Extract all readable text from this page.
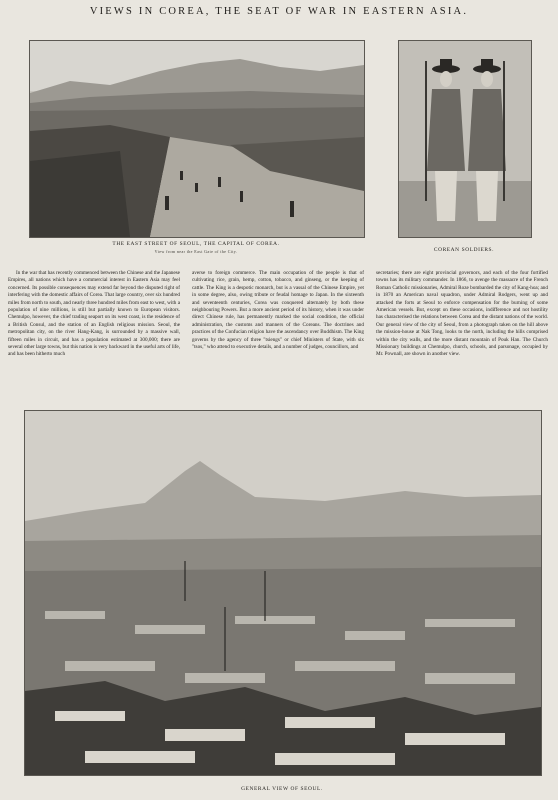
VIEWS IN COREA, THE SEAT OF WAR IN EASTERN ASIA.
THE EAST STREET OF SEOUL, THE CAPITAL OF COREA.
View from near the East Gate of the City.	COREAN SOLDIERS.

In the war that has recently commenced between the Chinese and the Japanese Empires, all nations which have a commercial interest in Eastern Asia may feel concerned. Its possible consequences may extend far beyond the disputed right of interfering with the domestic affairs of Corea. That large country, over six hundred miles from north to south, and nearly three hundred miles from east to west, with a population of nine millions, is still but partially known to European visitors. Chemulpo, however, the chief trading seaport on its west coast, is the residence of a British Consul, and the station of an English religious mission. Seoul, the metropolitan city, on the river Hang-Kang, is surrounded by a massive wall, fifteen miles in circuit, and has a population estimated at 300,000; there are several other large towns, but this nation is very backward in the useful arts of life, and has been hitherto much

averse to foreign commerce. The main occupation of the people is that of cultivating rice, grain, hemp, cotton, tobacco, and ginseng, or the keeping of cattle. The King is a despotic monarch, but is a vassal of the Chinese Empire, yet in some degree, also, owing tribute or feudal homage to Japan. In the sixteenth and seventeenth centuries, Corea was conquered alternately by both these neighbouring Powers. But a more ancient period of its history, when it was under direct Chinese rule, has permanently marked the social condition, the official administration, the customs and manners of the Coreans. The doctrines and practices of the Confucian religion have the ascendancy over Buddhism. The King governs by the agency of three "tsiengs" or chief Ministers of State, with six "tsos," who attend to executive details, and a number of judges, councillors, and

secretaries; there are eight provincial governors, and each of the four fortified towns has its military commander. In 1866, to avenge the massacre of the French Roman Catholic missionaries, Admiral Roze bombarded the city of Kang-hoa; and in 1870 an American naval squadron, under Admiral Rodgers, went up and attacked the forts at Seoul to enforce compensation for the burning of some American vessels. But, except on these occasions, indifference and not hostility has characterised the relations between Corea and the distant nations of the world. Our general view of the city of Seoul, from a photograph taken on the hill above the mission-house at Nak Tong, looks to the north, including the hills comprised within the city walls, and the more distant mountain of Pouk Han. The Church Missionary buildings at Chemulpo, church, schools, and parsonage, occupied by Mr. Pownall, are shown in another view.

GENERAL VIEW OF SEOUL.
